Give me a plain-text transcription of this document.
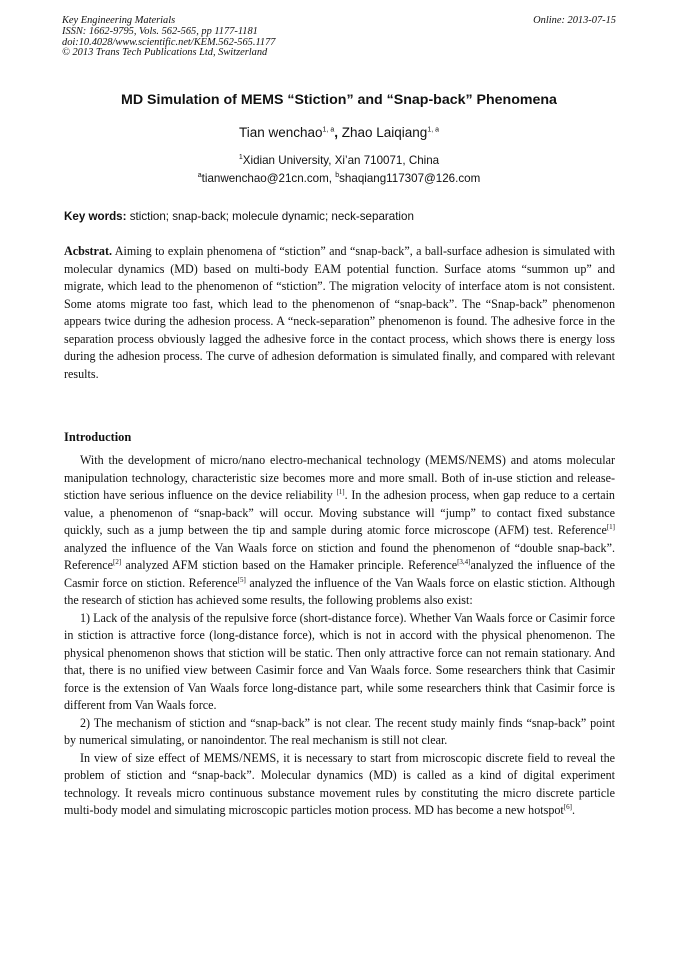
Key Engineering Materials
ISSN: 1662-9795, Vols. 562-565, pp 1177-1181
doi:10.4028/www.scientific.net/KEM.562-565.1177
© 2013 Trans Tech Publications Ltd, Switzerland
Online: 2013-07-15
MD Simulation of MEMS “Stiction” and “Snap-back” Phenomena
Tian wenchao$^{1, a}$, Zhao Laiqiang$^{1, a}$
$^1$Xidian University, Xi’an 710071, China
$^a$tianwenchao@21cn.com, $^b$shaqiang117307@126.com
Key words: stiction; snap-back; molecule dynamic; neck-separation
Acbstrat. Aiming to explain phenomena of “stiction” and “snap-back”, a ball-surface adhesion is simulated with molecular dynamics (MD) based on multi-body EAM potential function. Surface atoms “summon up” and migrate, which lead to the phenomenon of “stiction”. The migration velocity of interface atom is not consistent. Some atoms migrate too fast, which lead to the phenomenon of “snap-back”. The “Snap-back” phenomenon appears twice during the adhesion process. A “neck-separation” phenomenon is found. The adhesive force in the separation process obviously lagged the adhesive force in the contact process, which shows there is energy loss during the adhesion process. The curve of adhesion deformation is simulated finally, and compared with relevant results.
Introduction

With the development of micro/nano electro-mechanical technology (MEMS/NEMS) and atoms molecular manipulation technology, characteristic size becomes more and more small. Both of in-use stiction and release- stiction have serious influence on the device reliability [1]. In the adhesion process, when gap reduce to a certain value, a phenomenon of “snap-back” will occur. Moving substance will “jump” to contact fixed substance quickly, such as a jump between the tip and sample during atomic force microscope (AFM) test. Reference[1] analyzed the influence of the Van Waals force on stiction and found the phenomenon of “double snap-back”. Reference[2] analyzed AFM stiction based on the Hamaker principle. Reference[3,4]analyzed the influence of the Casmir force on stiction. Reference[5] analyzed the influence of the Van Waals force on elastic stiction. Although the research of stiction has achieved some results, the following problems also exist:

1) Lack of the analysis of the repulsive force (short-distance force). Whether Van Waals force or Casimir force in stiction is attractive force (long-distance force), which is not in accord with the physical phenomenon. The physical phenomenon shows that stiction will be static. Then only attractive force can not remain stationary. And that, there is no unified view between Casimir force and Van Waals force. Some researchers think that Casimir force is the extension of Van Waals force long-distance part, while some researchers think that Casimir force is different from Van Waals force.

2) The mechanism of stiction and “snap-back” is not clear. The recent study mainly finds “snap-back” point by numerical simulating, or nanoindentor. The real mechanism is still not clear.

In view of size effect of MEMS/NEMS, it is necessary to start from microscopic discrete field to reveal the problem of stiction and “snap-back”. Molecular dynamics (MD) is called as a kind of digital experiment technology. It reveals micro continuous substance movement rules by constituting the micro discrete particle multi-body model and simulating microscopic particles motion process. MD has become a new hotspot[6].
